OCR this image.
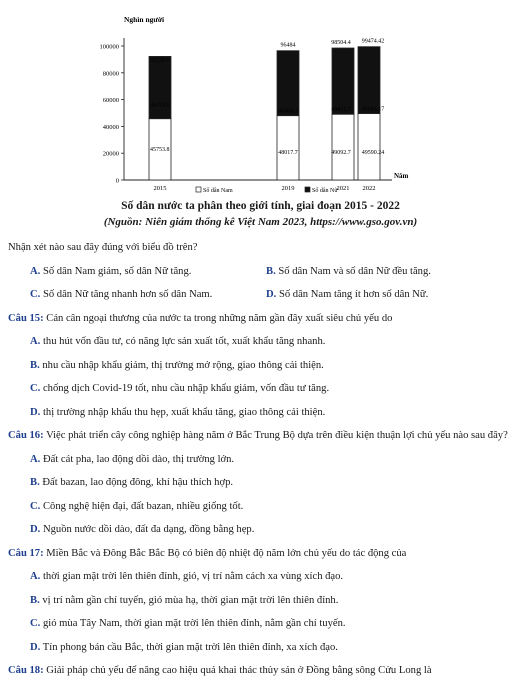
Nghìn người
0
20000
40000
60000
80000
100000
2015
92228.6
46474.8
45753.8
2019
96484
48466.3
48017.7
2021
98504.4
49411.7
49092.7
2022
99474.42
49884.17
49590.24
Năm
Số dân Nam	Số dân Nữ
Số dân nước ta phân theo giới tính, giai đoạn 2015 - 2022
(Nguồn: Niên giám thống kê Việt Nam 2023, https://www.gso.gov.vn)
Nhận xét nào sau đây đúng với biểu đồ trên?
A. Số dân Nam giảm, số dân Nữ tăng.	B. Số dân Nam và số dân Nữ đều tăng.
C. Số dân Nữ tăng nhanh hơn số dân Nam.	D. Số dân Nam tăng ít hơn số dân Nữ.
Câu 15: Cán cân ngoại thương của nước ta trong những năm gần đây xuất siêu chủ yếu do
A. thu hút vốn đầu tư, có năng lực sản xuất tốt, xuất khẩu tăng nhanh.
B. nhu cầu nhập khẩu giảm, thị trường mở rộng, giao thông cải thiện.
C. chống dịch Covid-19 tốt, nhu cầu nhập khẩu giảm, vốn đầu tư tăng.
D. thị trường nhập khẩu thu hẹp, xuất khẩu tăng, giao thông cải thiện.
Câu 16: Việc phát triển cây công nghiệp hàng năm ở Bắc Trung Bộ dựa trên điều kiện thuận lợi chủ yếu nào sau đây?
A. Đất cát pha, lao động dồi dào, thị trường lớn.
B. Đất bazan, lao động đông, khí hậu thích hợp.
C. Công nghệ hiện đại, đất bazan, nhiều giống tốt.
D. Nguồn nước dồi dào, đất đa dạng, đồng bằng hẹp.
Câu 17: Miền Bắc và Đông Bắc Bắc Bộ có biên độ nhiệt độ năm lớn chủ yếu do tác động của
A. thời gian mặt trời lên thiên đỉnh, gió, vị trí nằm cách xa vùng xích đạo.
B. vị trí nằm gần chí tuyến, gió mùa hạ, thời gian mặt trời lên thiên đỉnh.
C. gió mùa Tây Nam, thời gian mặt trời lên thiên đỉnh, nằm gần chí tuyến.
D. Tín phong bán cầu Bắc, thời gian mặt trời lên thiên đỉnh, xa xích đạo.
Câu 18: Giải pháp chủ yếu để nâng cao hiệu quả khai thác thủy sản ở Đồng bằng sông Cửu Long là
